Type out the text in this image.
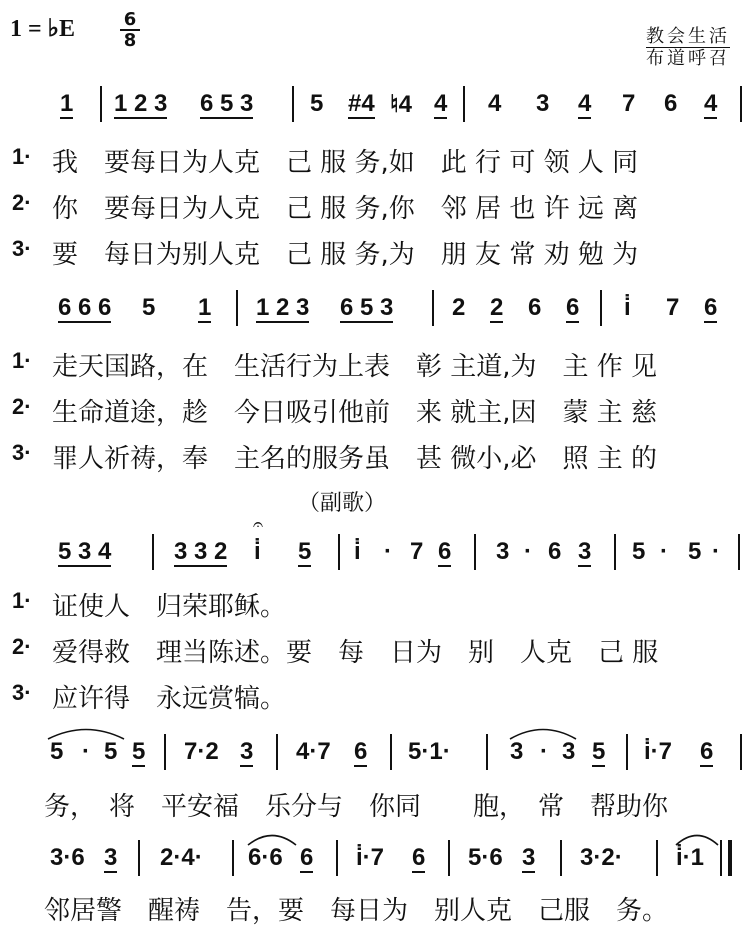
1 = ♭E	6
8	教会生活
布道呼召
（副歌）
1 1 2 3 6 5 3 5 #4 ♮4 4 4 3 4 7 6 4
1· 我　要每日为人克　己 服 务,如　此 行 可 领 人 同
2· 你　要每日为人克　己 服 务,你　邻 居 也 许 远 离
3· 要　每日为别人克　己 服 务,为　朋 友 常 劝 勉 为
6 6 6 5 1 1 2 3 6 5 3 2 2 6 6 i̇ 7 6
1· 走天国路，在　生活行为上表　彰 主道,为　主 作 见
2· 生命道途，趁　今日吸引他前　来 就主,因　蒙 主 慈
3· 罪人祈祷，奉　主名的服务虽　甚 微小,必　照 主 的
5 3 4	3 3 2 i̇ 5 i̇ · 7 6 3 · 6 3 5 · 5 ·
1· 证使人　归荣耶稣。
2· 爱得救　理当陈述。要　每　日为　别　人克　己 服
3· 应许得　永远赏犒。
5 · 5 5 7·2 3 4·7 6 5·1· 3 · 3 5 i̇·7 6
务，　将　平安福　乐分与　你同　　胞，　常　帮助你
3·6 3 2·4· 6·6 6 i̇·7 6 5·6 3 3·2· i̇·1
邻居警　醒祷　告，要　每日为　别人克　己服　务。
𝄐
